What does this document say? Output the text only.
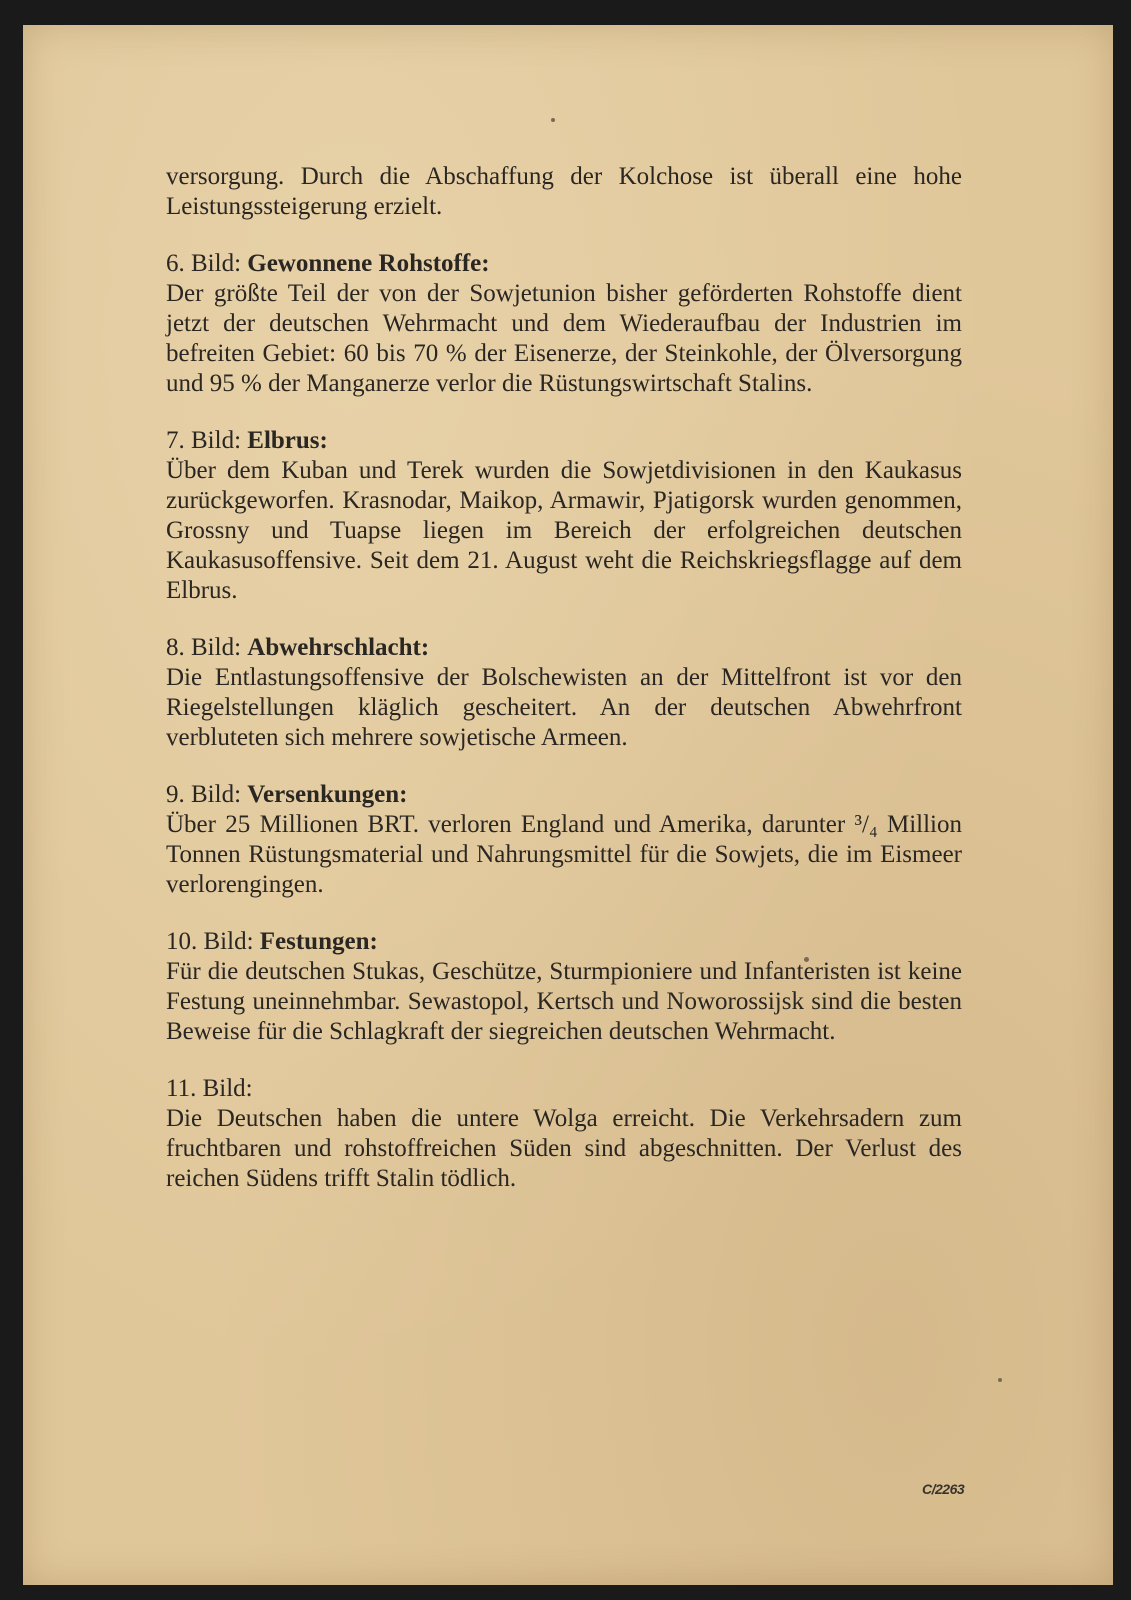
C/2263

versorgung. Durch die Abschaffung der Kolchose ist überall eine hohe Leistungssteigerung erzielt.

6. Bild: Gewonnene Rohstoffe:

Der größte Teil der von der Sowjetunion bisher geförderten Rohstoffe dient jetzt der deutschen Wehrmacht und dem Wiederaufbau der Industrien im befreiten Gebiet: 60 bis 70 % der Eisenerze, der Steinkohle, der Ölversorgung und 95 % der Manganerze verlor die Rüstungswirtschaft Stalins.

7. Bild: Elbrus:

Über dem Kuban und Terek wurden die Sowjetdivisionen in den Kaukasus zurückgeworfen. Krasnodar, Maikop, Armawir, Pjatigorsk wurden genommen, Grossny und Tuapse liegen im Bereich der erfolgreichen deutschen Kaukasusoffensive. Seit dem 21. August weht die Reichskriegsflagge auf dem Elbrus.

8. Bild: Abwehrschlacht:

Die Entlastungsoffensive der Bolschewisten an der Mittelfront ist vor den Riegelstellungen kläglich gescheitert. An der deutschen Abwehrfront verbluteten sich mehrere sowjetische Armeen.

9. Bild: Versenkungen:

Über 25 Millionen BRT. verloren England und Amerika, darunter ³/₄ Million Tonnen Rüstungsmaterial und Nahrungsmittel für die Sowjets, die im Eismeer verlorengingen.

10. Bild: Festungen:

Für die deutschen Stukas, Geschütze, Sturmpioniere und Infanteristen ist keine Festung uneinnehmbar. Sewastopol, Kertsch und Noworossijsk sind die besten Beweise für die Schlagkraft der siegreichen deutschen Wehrmacht.

11. Bild:

Die Deutschen haben die untere Wolga erreicht. Die Verkehrsadern zum fruchtbaren und rohstoffreichen Süden sind abgeschnitten. Der Verlust des reichen Südens trifft Stalin tödlich.
